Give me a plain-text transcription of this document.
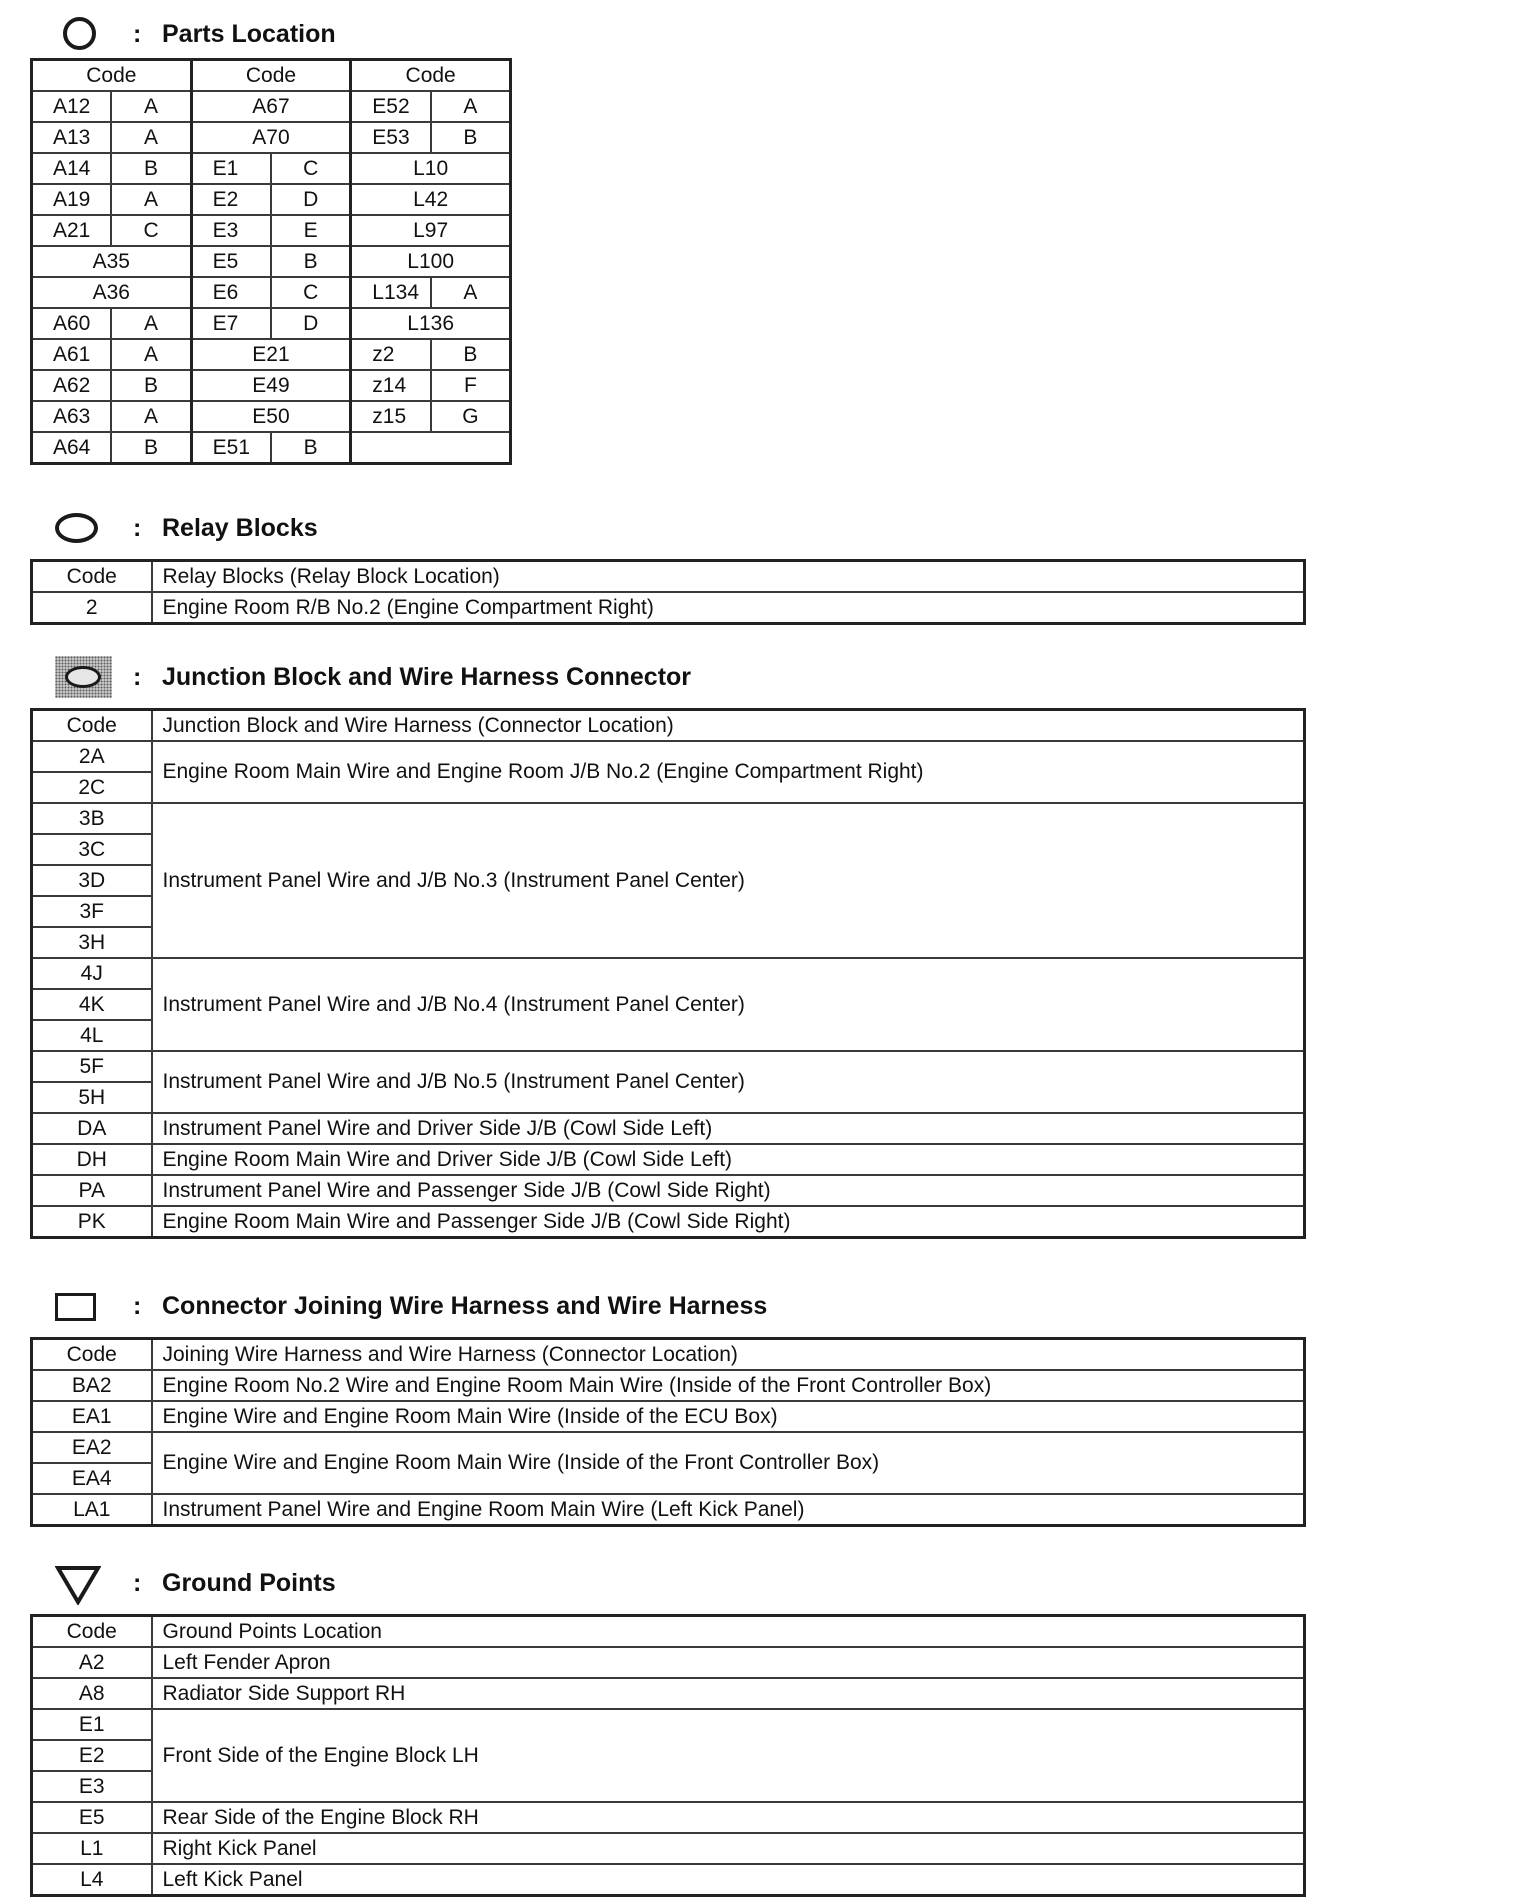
: Parts Location
Code		Code		Code	
A12	A	A67		E52	A
A13	A	A70		E53	B
A14	B	E1	C	L10	
A19	A	E2	D	L42	
A21	C	E3	E	L97	
A35		E5	B	L100	
A36		E6	C	L134	A
A60	A	E7	D	L136	
A61	A	E21		z2	B
A62	B	E49		z14	F
A63	A	E50		z15	G
A64	B	E51	B		
: Relay Blocks
Code	Relay Blocks (Relay Block Location)
2	Engine Room R/B No.2 (Engine Compartment Right)
: Junction Block and Wire Harness Connector
Code	Junction Block and Wire Harness (Connector Location)
2A	Engine Room Main Wire and Engine Room J/B No.2 (Engine Compartment Right)
2C	
3B	Instrument Panel Wire and J/B No.3 (Instrument Panel Center)
3C	
3D	
3F	
3H	
4J	Instrument Panel Wire and J/B No.4 (Instrument Panel Center)
4K	
4L	
5F	Instrument Panel Wire and J/B No.5 (Instrument Panel Center)
5H	
DA	Instrument Panel Wire and Driver Side J/B (Cowl Side Left)
DH	Engine Room Main Wire and Driver Side J/B (Cowl Side Left)
PA	Instrument Panel Wire and Passenger Side J/B (Cowl Side Right)
PK	Engine Room Main Wire and Passenger Side J/B (Cowl Side Right)
: Connector Joining Wire Harness and Wire Harness
Code	Joining Wire Harness and Wire Harness (Connector Location)
BA2	Engine Room No.2 Wire and Engine Room Main Wire (Inside of the Front Controller Box)
EA1	Engine Wire and Engine Room Main Wire (Inside of the ECU Box)
EA2	Engine Wire and Engine Room Main Wire (Inside of the Front Controller Box)
EA4	
LA1	Instrument Panel Wire and Engine Room Main Wire (Left Kick Panel)
: Ground Points
Code	Ground Points Location
A2	Left Fender Apron
A8	Radiator Side Support RH
E1	Front Side of the Engine Block LH
E2	
E3	
E5	Rear Side of the Engine Block RH
L1	Right Kick Panel
L4	Left Kick Panel
